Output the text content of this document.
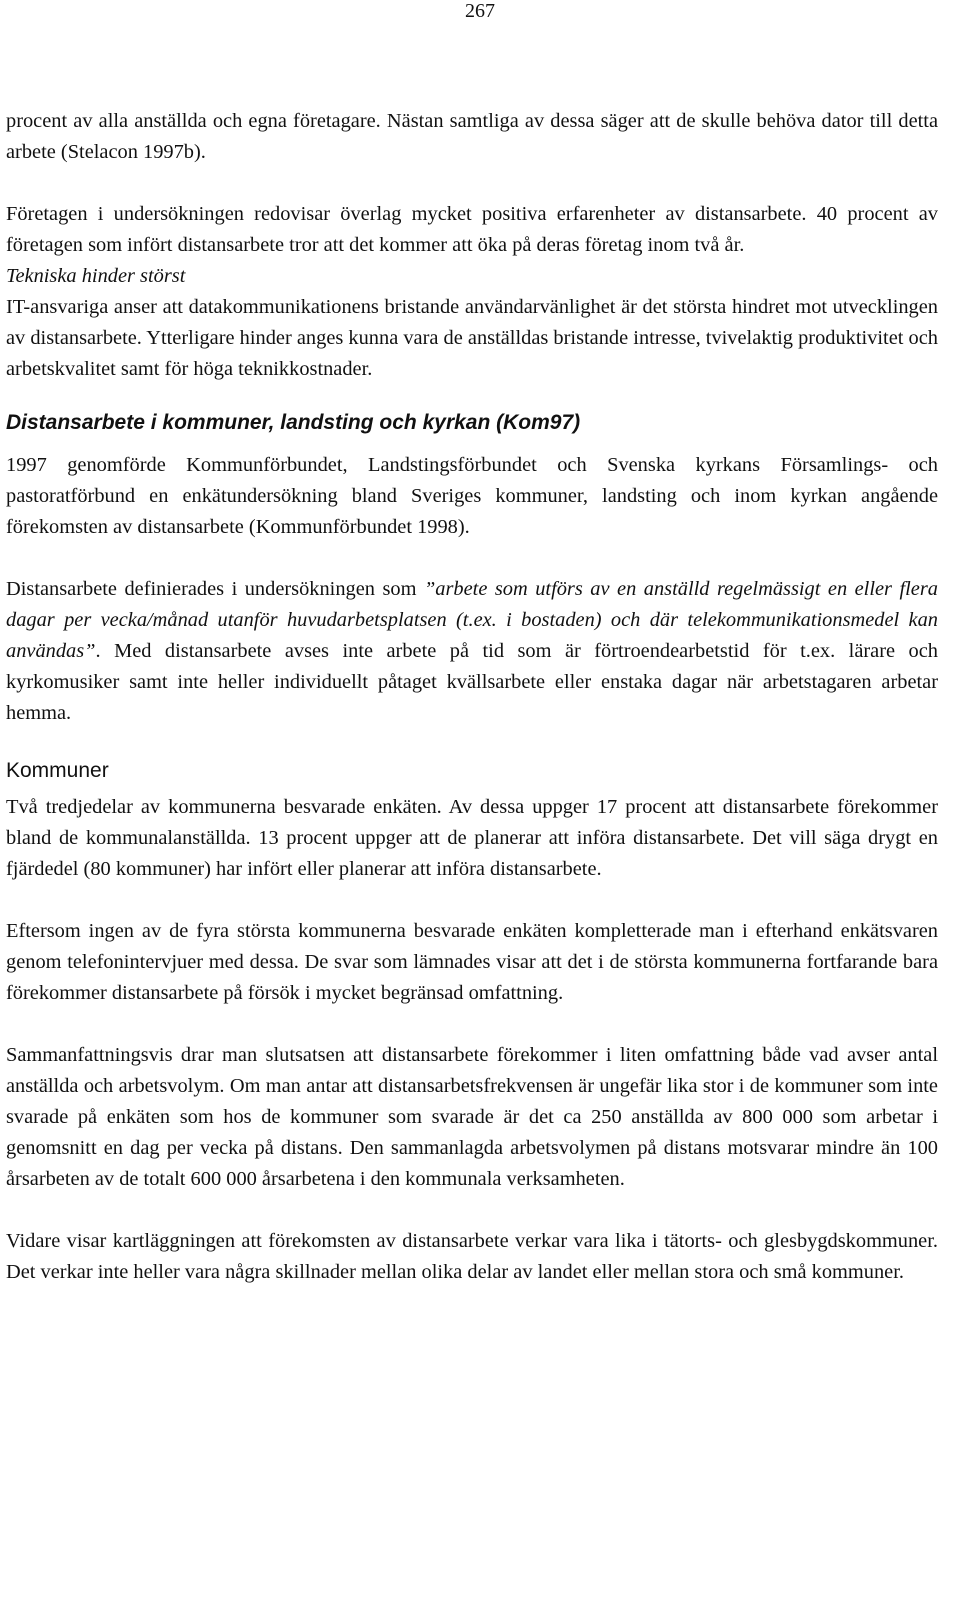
267

procent av alla anställda och egna företagare. Nästan samtliga av dessa säger att de skulle behöva dator till detta arbete (Stelacon 1997b).

Företagen i undersökningen redovisar överlag mycket positiva erfarenheter av distansarbete. 40 procent av företagen som infört distansarbete tror att det kommer att öka på deras företag inom två år.

Tekniska hinder störst

IT-ansvariga anser att datakommunikationens bristande användarvänlighet är det största hindret mot utvecklingen av distansarbete. Ytterligare hinder anges kunna vara de anställdas bristande intresse, tvivelaktig produktivitet och arbetskvalitet samt för höga teknikkostnader.

Distansarbete i kommuner, landsting och kyrkan (Kom97)

1997 genomförde Kommunförbundet, Landstingsförbundet och Svenska kyrkans Församlings- och pastoratförbund en enkätundersökning bland Sveriges kommuner, landsting och inom kyrkan angående förekomsten av distansarbete (Kommunförbundet 1998).

Distansarbete definierades i undersökningen som ”arbete som utförs av en anställd regelmässigt en eller flera dagar per vecka/månad utanför huvudarbetsplatsen (t.ex. i bostaden) och där telekommunikationsmedel kan användas”. Med distansarbete avses inte arbete på tid som är förtroendearbetstid för t.ex. lärare och kyrkomusiker samt inte heller individuellt påtaget kvällsarbete eller enstaka dagar när arbetstagaren arbetar hemma.

Kommuner

Två tredjedelar av kommunerna besvarade enkäten. Av dessa uppger 17 procent att distansarbete förekommer bland de kommunalanställda. 13 procent uppger att de planerar att införa distansarbete. Det vill säga drygt en fjärdedel (80 kommuner) har infört eller planerar att införa distansarbete.

Eftersom ingen av de fyra största kommunerna besvarade enkäten kompletterade man i efterhand enkätsvaren genom telefonintervjuer med dessa. De svar som lämnades visar att det i de största kommunerna fortfarande bara förekommer distansarbete på försök i mycket begränsad omfattning.

Sammanfattningsvis drar man slutsatsen att distansarbete förekommer i liten omfattning både vad avser antal anställda och arbetsvolym. Om man antar att distansarbetsfrekvensen är ungefär lika stor i de kommuner som inte svarade på enkäten som hos de kommuner som svarade är det ca 250 anställda av 800 000 som arbetar i genomsnitt en dag per vecka på distans. Den sammanlagda arbetsvolymen på distans motsvarar mindre än 100 årsarbeten av de totalt 600 000 årsarbetena i den kommunala verksamheten.

Vidare visar kartläggningen att förekomsten av distansarbete verkar vara lika i tätorts- och glesbygdskommuner. Det verkar inte heller vara några skillnader mellan olika delar av landet eller mellan stora och små kommuner.
